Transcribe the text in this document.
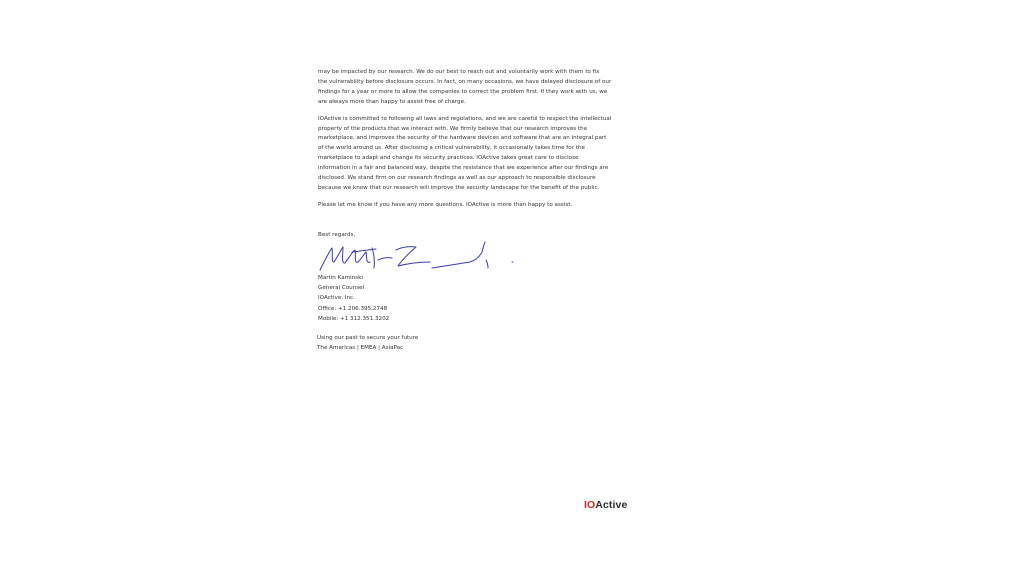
may be impacted by our research. We do our best to reach out and voluntarily work with them to fix
the vulnerability before disclosure occurs. In fact, on many occasions, we have delayed disclosure of our
findings for a year or more to allow the companies to correct the problem first. If they work with us, we
are always more than happy to assist free of charge.

IOActive is committed to following all laws and regulations, and we are careful to respect the intellectual
property of the products that we interact with. We firmly believe that our research improves the
marketplace, and improves the security of the hardware devices and software that are an integral part
of the world around us. After disclosing a critical vulnerability, it occasionally takes time for the
marketplace to adapt and change its security practices. IOActive takes great care to disclose
information in a fair and balanced way, despite the resistance that we experience after our findings are
disclosed. We stand firm on our research findings as well as our approach to responsible disclosure
because we know that our research will improve the security landscape for the benefit of the public.

Please let me know if you have any more questions. IOActive is more than happy to assist.

Best regards,
Martin Kaminski
General Counsel
IOActive, Inc.
Office: +1 206.395.2748
Mobile: +1 312.351.3202
Using our past to secure your future
The Americas | EMEA | AsiaPac
IOActive
